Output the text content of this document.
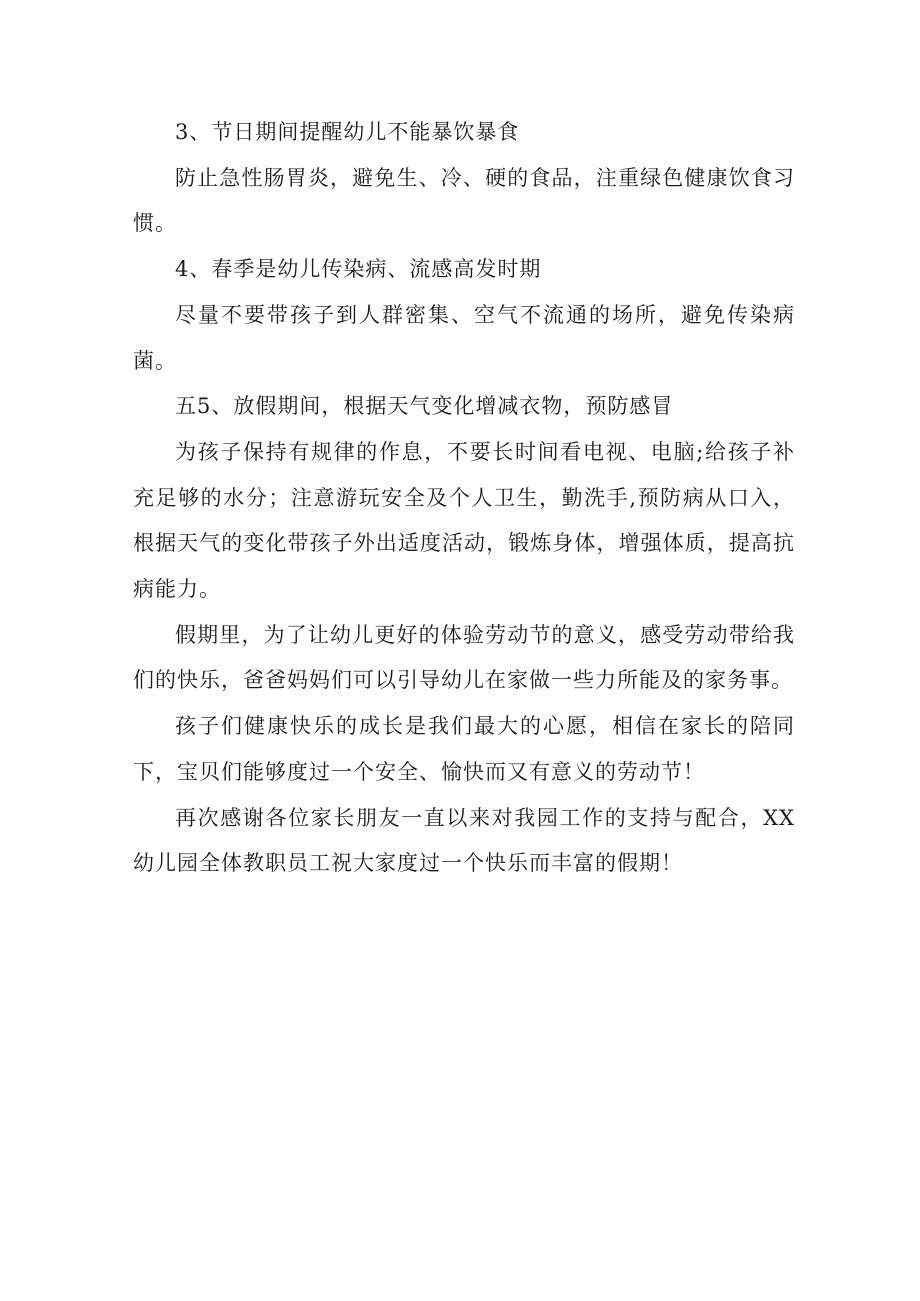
3、节日期间提醒幼儿不能暴饮暴食

防止急性肠胃炎，避免生、冷、硬的食品，注重绿色健康饮食习惯。

4、春季是幼儿传染病、流感高发时期

尽量不要带孩子到人群密集、空气不流通的场所，避免传染病菌。

五5、放假期间，根据天气变化增减衣物，预防感冒

为孩子保持有规律的作息，不要长时间看电视、电脑;给孩子补充足够的水分；注意游玩安全及个人卫生，勤洗手,预防病从口入，根据天气的变化带孩子外出适度活动，锻炼身体，增强体质，提高抗病能力。

假期里，为了让幼儿更好的体验劳动节的意义，感受劳动带给我们的快乐，爸爸妈妈们可以引导幼儿在家做一些力所能及的家务事。

孩子们健康快乐的成长是我们最大的心愿，相信在家长的陪同下，宝贝们能够度过一个安全、愉快而又有意义的劳动节！

再次感谢各位家长朋友一直以来对我园工作的支持与配合，XX幼儿园全体教职员工祝大家度过一个快乐而丰富的假期！
